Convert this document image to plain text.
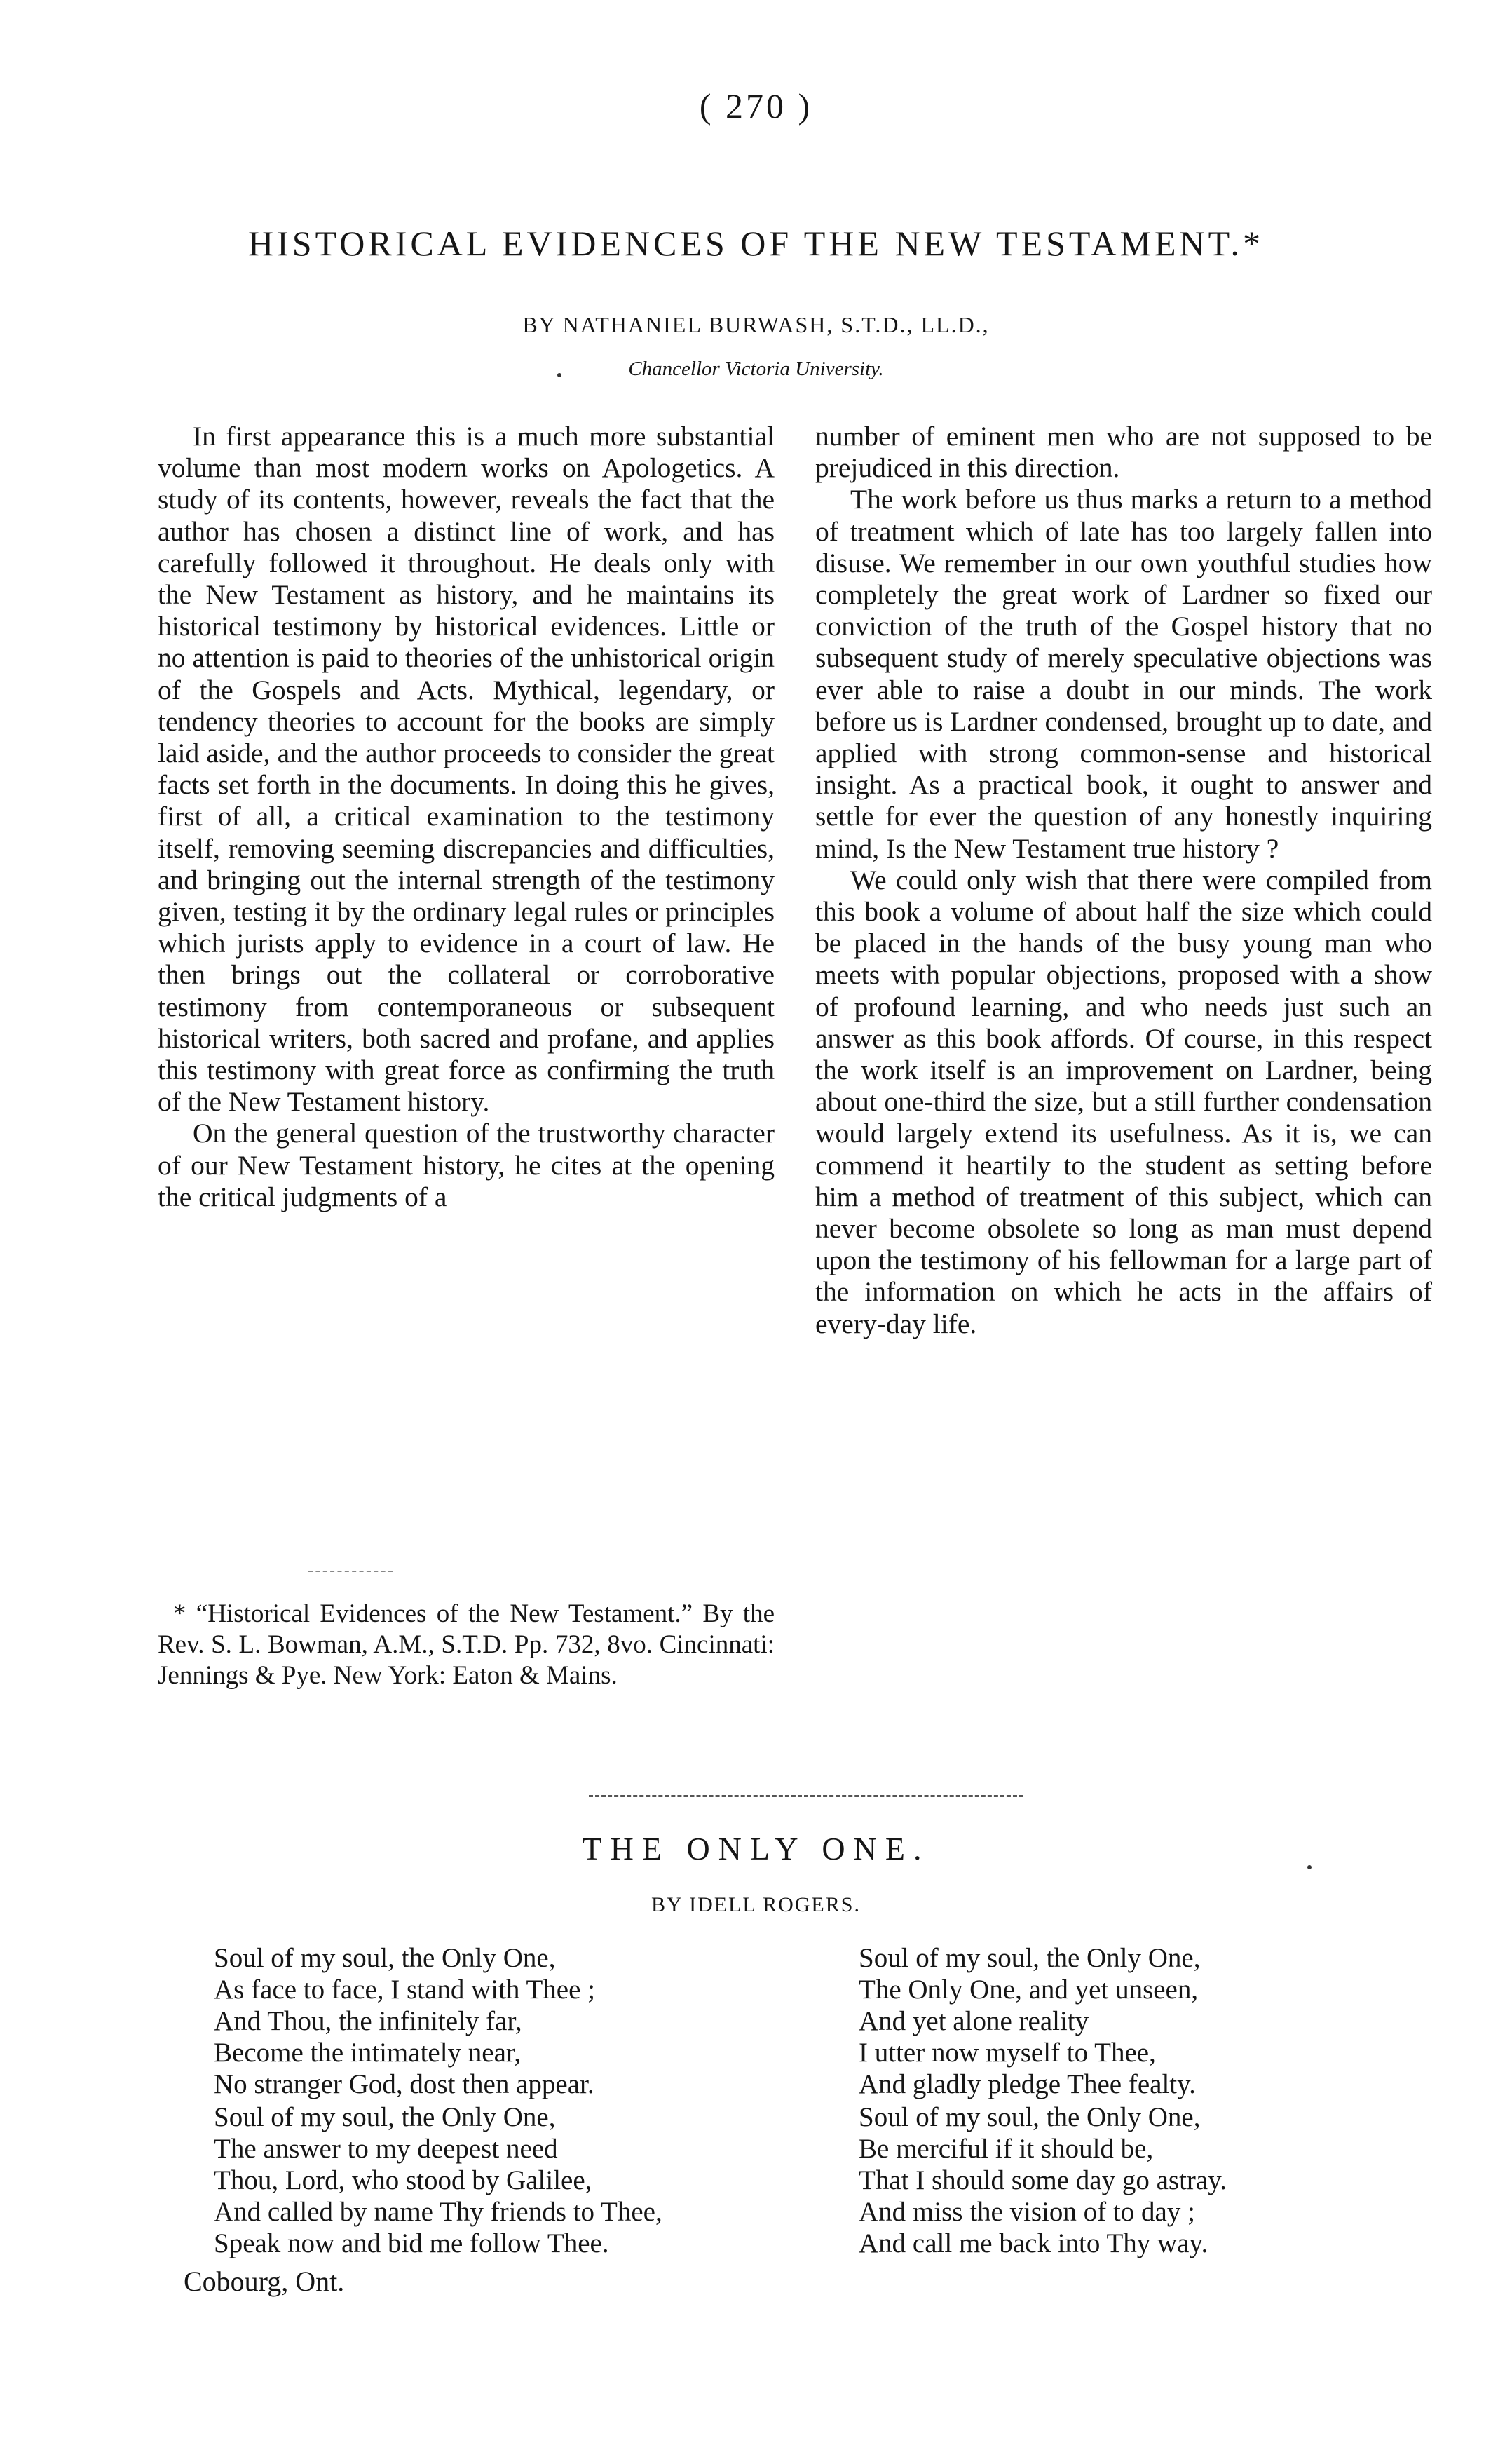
( 270 )
HISTORICAL EVIDENCES OF THE NEW TESTAMENT.*
BY NATHANIEL BURWASH, S.T.D., LL.D.,
Chancellor Victoria University.

In first appearance this is a much more substantial volume than most modern works on Apologetics. A study of its contents, however, reveals the fact that the author has chosen a distinct line of work, and has carefully followed it throughout. He deals only with the New Testament as history, and he maintains its historical testimony by historical evidences. Little or no attention is paid to theories of the unhistorical origin of the Gospels and Acts. Mythical, legendary, or tendency theories to account for the books are simply laid aside, and the author proceeds to consider the great facts set forth in the documents. In doing this he gives, first of all, a critical examination to the testimony itself, removing seeming discrepancies and difficulties, and bringing out the internal strength of the testimony given, testing it by the ordinary legal rules or principles which jurists apply to evidence in a court of law. He then brings out the collateral or corroborative testimony from contemporaneous or subsequent historical writers, both sacred and profane, and applies this testimony with great force as confirming the truth of the New Testament history.

On the general question of the trustworthy character of our New Testament history, he cites at the opening the critical judgments of a

* “Historical Evidences of the New Testament.” By the Rev. S. L. Bowman, A.M., S.T.D. Pp. 732, 8vo. Cincinnati: Jennings & Pye. New York: Eaton & Mains.

number of eminent men who are not supposed to be prejudiced in this direction.

The work before us thus marks a return to a method of treatment which of late has too largely fallen into disuse. We remember in our own youthful studies how completely the great work of Lardner so fixed our conviction of the truth of the Gospel history that no subsequent study of merely speculative objections was ever able to raise a doubt in our minds. The work before us is Lardner condensed, brought up to date, and applied with strong common-sense and historical insight. As a practical book, it ought to answer and settle for ever the question of any honestly inquiring mind, Is the New Testament true history ?

We could only wish that there were compiled from this book a volume of about half the size which could be placed in the hands of the busy young man who meets with popular objections, proposed with a show of profound learning, and who needs just such an answer as this book affords. Of course, in this respect the work itself is an improvement on Lardner, being about one-third the size, but a still further condensation would largely extend its usefulness. As it is, we can commend it heartily to the student as setting before him a method of treatment of this subject, which can never become obsolete so long as man must depend upon the testimony of his fellowman for a large part of the information on which he acts in the affairs of every-day life.

THE ONLY ONE.
BY IDELL ROGERS.
Soul of my soul, the Only One,
As face to face, I stand with Thee ;
And Thou, the infinitely far,
Become the intimately near,
No stranger God, dost then appear.
Soul of my soul, the Only One,
The answer to my deepest need
Thou, Lord, who stood by Galilee,
And called by name Thy friends to Thee,
Speak now and bid me follow Thee.
Soul of my soul, the Only One,
The Only One, and yet unseen,
And yet alone reality
I utter now myself to Thee,
And gladly pledge Thee fealty.
Soul of my soul, the Only One,
Be merciful if it should be,
That I should some day go astray.
And miss the vision of to day ;
And call me back into Thy way.
Cobourg, Ont.
